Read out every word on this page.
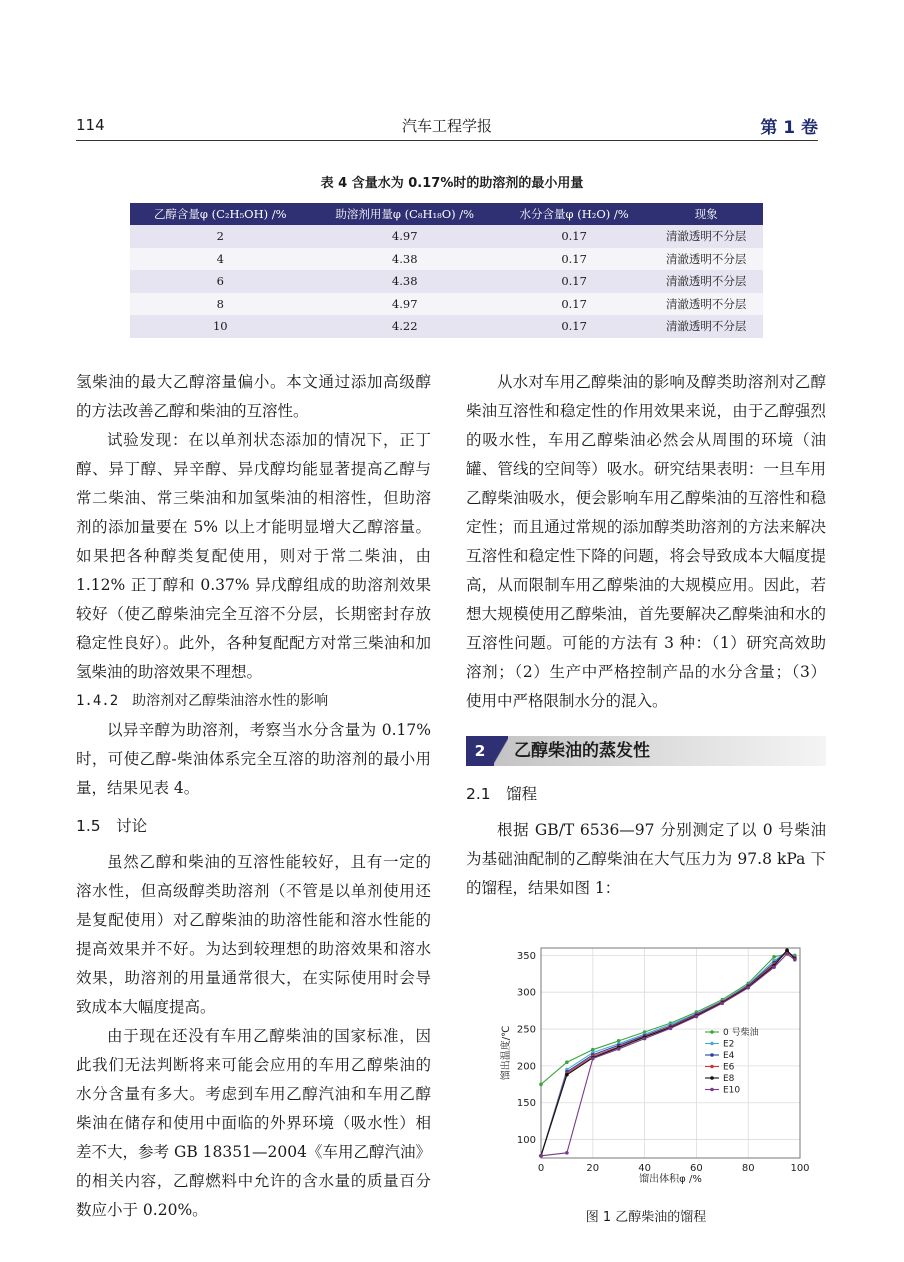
114	汽车工程学报	第 1 卷
表 4 含量水为 0.17%时的助溶剂的最小用量
乙醇含量φ (C₂H₅OH) /%	助溶剂用量φ (C₈H₁₈O) /%	水分含量φ (H₂O) /%	现象
2	4.97	0.17	清澈透明不分层
4	4.38	0.17	清澈透明不分层
6	4.38	0.17	清澈透明不分层
8	4.97	0.17	清澈透明不分层
10	4.22	0.17	清澈透明不分层

氢柴油的最大乙醇溶量偏小。本文通过添加高级醇的方法改善乙醇和柴油的互溶性。

试验发现：在以单剂状态添加的情况下，正丁醇、异丁醇、异辛醇、异戊醇均能显著提高乙醇与常二柴油、常三柴油和加氢柴油的相溶性，但助溶剂的添加量要在 5% 以上才能明显增大乙醇溶量。如果把各种醇类复配使用，则对于常二柴油，由 1.12% 正丁醇和 0.37% 异戊醇组成的助溶剂效果较好（使乙醇柴油完全互溶不分层，长期密封存放稳定性良好）。此外，各种复配配方对常三柴油和加氢柴油的助溶效果不理想。

1.4.2　助溶剂对乙醇柴油溶水性的影响

以异辛醇为助溶剂，考察当水分含量为 0.17% 时，可使乙醇-柴油体系完全互溶的助溶剂的最小用量，结果见表 4。

1.5　讨论

虽然乙醇和柴油的互溶性能较好，且有一定的溶水性，但高级醇类助溶剂（不管是以单剂使用还是复配使用）对乙醇柴油的助溶性能和溶水性能的提高效果并不好。为达到较理想的助溶效果和溶水效果，助溶剂的用量通常很大，在实际使用时会导致成本大幅度提高。

由于现在还没有车用乙醇柴油的国家标准，因此我们无法判断将来可能会应用的车用乙醇柴油的水分含量有多大。考虑到车用乙醇汽油和车用乙醇柴油在储存和使用中面临的外界环境（吸水性）相差不大，参考 GB 18351—2004《车用乙醇汽油》的相关内容，乙醇燃料中允许的含水量的质量百分数应小于 0.20%。

从水对车用乙醇柴油的影响及醇类助溶剂对乙醇柴油互溶性和稳定性的作用效果来说，由于乙醇强烈的吸水性，车用乙醇柴油必然会从周围的环境（油罐、管线的空间等）吸水。研究结果表明：一旦车用乙醇柴油吸水，便会影响车用乙醇柴油的互溶性和稳定性；而且通过常规的添加醇类助溶剂的方法来解决互溶性和稳定性下降的问题，将会导致成本大幅度提高，从而限制车用乙醇柴油的大规模应用。因此，若想大规模使用乙醇柴油，首先要解决乙醇柴油和水的互溶性问题。可能的方法有 3 种：（1）研究高效助溶剂；（2）生产中严格控制产品的水分含量；（3）使用中严格限制水分的混入。

2	乙醇柴油的蒸发性

2.1　馏程

根据 GB/T 6536—97 分别测定了以 0 号柴油为基础油配制的乙醇柴油在大气压力为 97.8 kPa 下的馏程，结果如图 1：

100
150
200
250
300
350
0	20	40	60	80	100
0 号柴油
E2
E4
E6
E8
E10
馏出体积φ /%
馏出温度/℃
图 1 乙醇柴油的馏程
